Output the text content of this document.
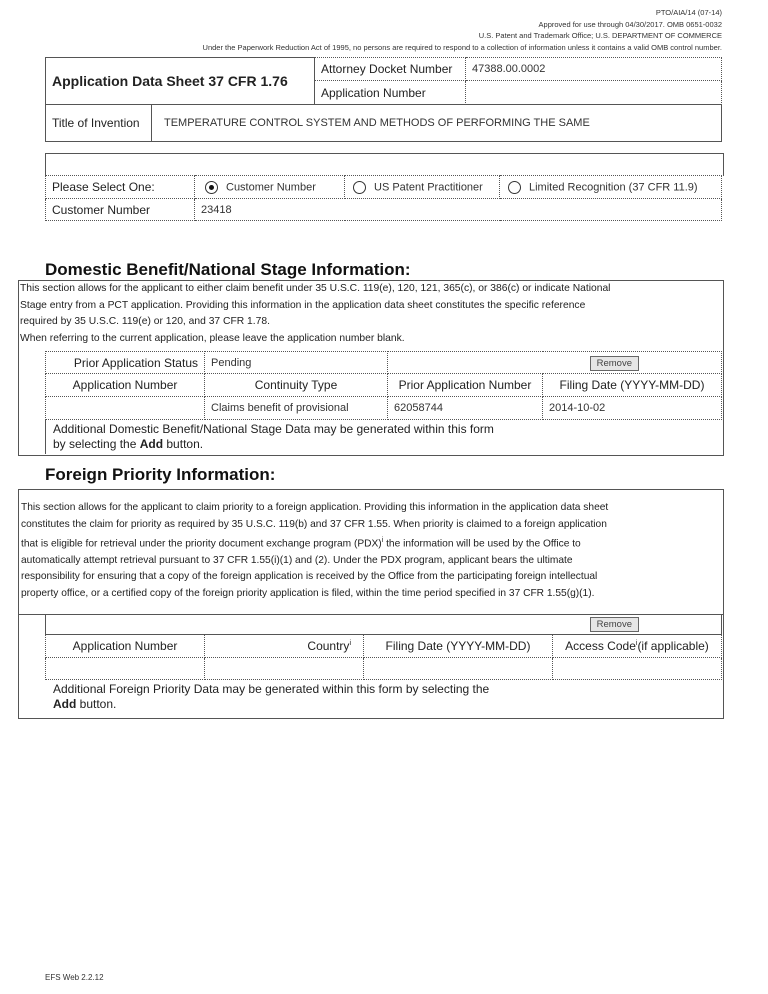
PTO/AIA/14 (07-14)
Approved for use through 04/30/2017. OMB 0651-0032
U.S. Patent and Trademark Office; U.S. DEPARTMENT OF COMMERCE
Under the Paperwork Reduction Act of 1995, no persons are required to respond to a collection of information unless it contains a valid OMB control number.
Application Data Sheet 37 CFR 1.76	Attorney Docket Number	47388.00.0002
	Application Number	
Title of Invention	TEMPERATURE CONTROL SYSTEM AND METHODS OF PERFORMING THE SAME
Please Select One:	Customer Number	US Patent Practitioner	Limited Recognition (37 CFR 11.9)
Customer Number	23418		
Domestic Benefit/National Stage Information:
This section allows for the applicant to either claim benefit under 35 U.S.C. 119(e), 120, 121, 365(c), or 386(c) or indicate National
Stage entry from a PCT application. Providing this information in the application data sheet constitutes the specific reference
required by 35 U.S.C. 119(e) or 120, and 37 CFR 1.78.
When referring to the current application, please leave the application number blank.
Prior Application Status	Pending	Remove	
Application Number	Continuity Type	Prior Application Number	Filing Date (YYYY-MM-DD)
	Claims benefit of provisional	62058744	2014-10-02
Additional Domestic Benefit/National Stage Data may be generated within this form
by selecting the Add button.
Foreign Priority Information:
This section allows for the applicant to claim priority to a foreign application. Providing this information in the application data sheet
constitutes the claim for priority as required by 35 U.S.C. 119(b) and 37 CFR 1.55. When priority is claimed to a foreign application
that is eligible for retrieval under the priority document exchange program (PDX)$^i$ the information will be used by the Office to
automatically attempt retrieval pursuant to 37 CFR 1.55(i)(1) and (2). Under the PDX program, applicant bears the ultimate
responsibility for ensuring that a copy of the foreign application is received by the Office from the participating foreign intellectual
property office, or a certified copy of the foreign priority application is filed, within the time period specified in 37 CFR 1.55(g)(1).
Remove			
Application Number	Country$^i$	Filing Date (YYYY-MM-DD)	Access Code$^i$(if applicable)

Additional Foreign Priority Data may be generated within this form by selecting the
Add button.
EFS Web 2.2.12
